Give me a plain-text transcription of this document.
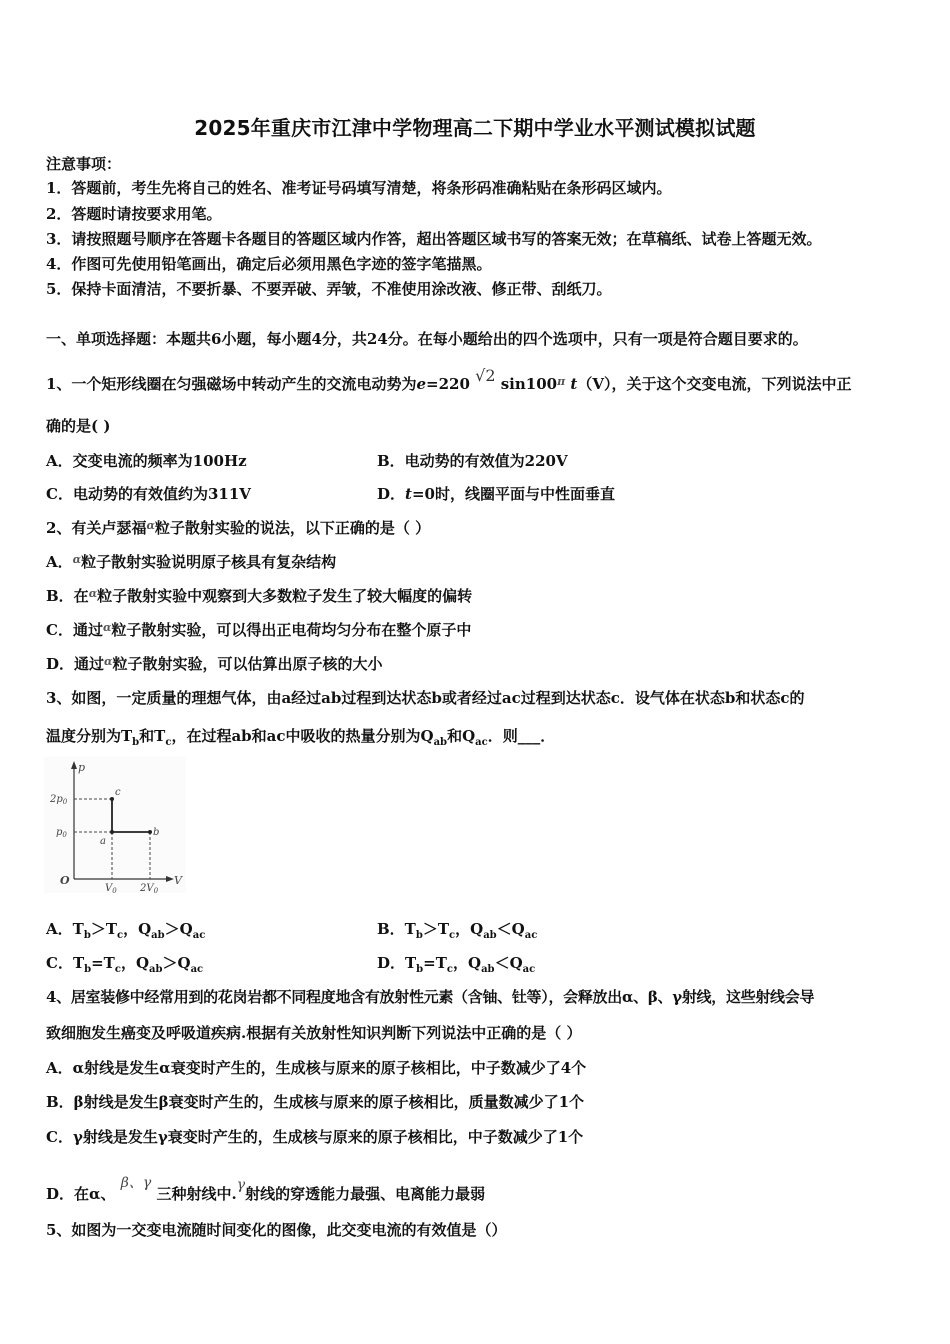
2025年重庆市江津中学物理高二下期中学业水平测试模拟试题
注意事项：
1．答题前，考生先将自己的姓名、准考证号码填写清楚，将条形码准确粘贴在条形码区域内。
2．答题时请按要求用笔。
3．请按照题号顺序在答题卡各题目的答题区域内作答，超出答题区域书写的答案无效；在草稿纸、试卷上答题无效。
4．作图可先使用铅笔画出，确定后必须用黑色字迹的签字笔描黑。
5．保持卡面清洁，不要折暴、不要弄破、弄皱，不准使用涂改液、修正带、刮纸刀。
一、单项选择题：本题共6小题，每小题4分，共24分。在每小题给出的四个选项中，只有一项是符合题目要求的。
1、一个矩形线圈在匀强磁场中转动产生的交流电动势为e=220 √2 $\sin 100^\pi$ t（V），关于这个交变电流，下列说法中正
确的是( )
A．交变电流的频率为100Hz	B．电动势的有效值为220V
C．电动势的有效值约为311V	D．t=0时，线圈平面与中性面垂直
2、有关卢瑟福$^\alpha$粒子散射实验的说法，以下正确的是（ ）
A．$^\alpha$粒子散射实验说明原子核具有复杂结构
B．在$^\alpha$粒子散射实验中观察到大多数粒子发生了较大幅度的偏转
C．通过$^\alpha$粒子散射实验，可以得出正电荷均匀分布在整个原子中
D．通过$^\alpha$粒子散射实验，可以估算出原子核的大小
3、如图，一定质量的理想气体，由a经过ab过程到达状态b或者经过ac过程到达状态c．设气体在状态b和状态c的
温度分别为$T_b$和$T_c$，在过程ab和ac中吸收的热量分别为$Q_{ab}$和$Q_{ac}$．则___．
p
V
O
$2p_0$
$p_0$
$V_0$ $2V_0$
a
b
c
A．$T_b>T_c$，$Q_{ab}>Q_{ac}$	B．$T_b>T_c$，$Q_{ab}<Q_{ac}$
C．$T_b=T_c$，$Q_{ab}>Q_{ac}$	D．$T_b=T_c$，$Q_{ab}<Q_{ac}$
4、居室装修中经常用到的花岗岩都不同程度地含有放射性元素（含铀、钍等），会释放出α、β、γ射线，这些射线会导
致细胞发生癌变及呼吸道疾病.根据有关放射性知识判断下列说法中正确的是（ ）
A．α射线是发生α衰变时产生的，生成核与原来的原子核相比，中子数减少了4个
B．β射线是发生β衰变时产生的，生成核与原来的原子核相比，质量数减少了1个
C．γ射线是发生γ衰变时产生的，生成核与原来的原子核相比，中子数减少了1个
D．在α、 β、γ 三种射线中.γ射线的穿透能力最强、电离能力最弱
5、如图为一交变电流随时间变化的图像，此交变电流的有效值是（）
